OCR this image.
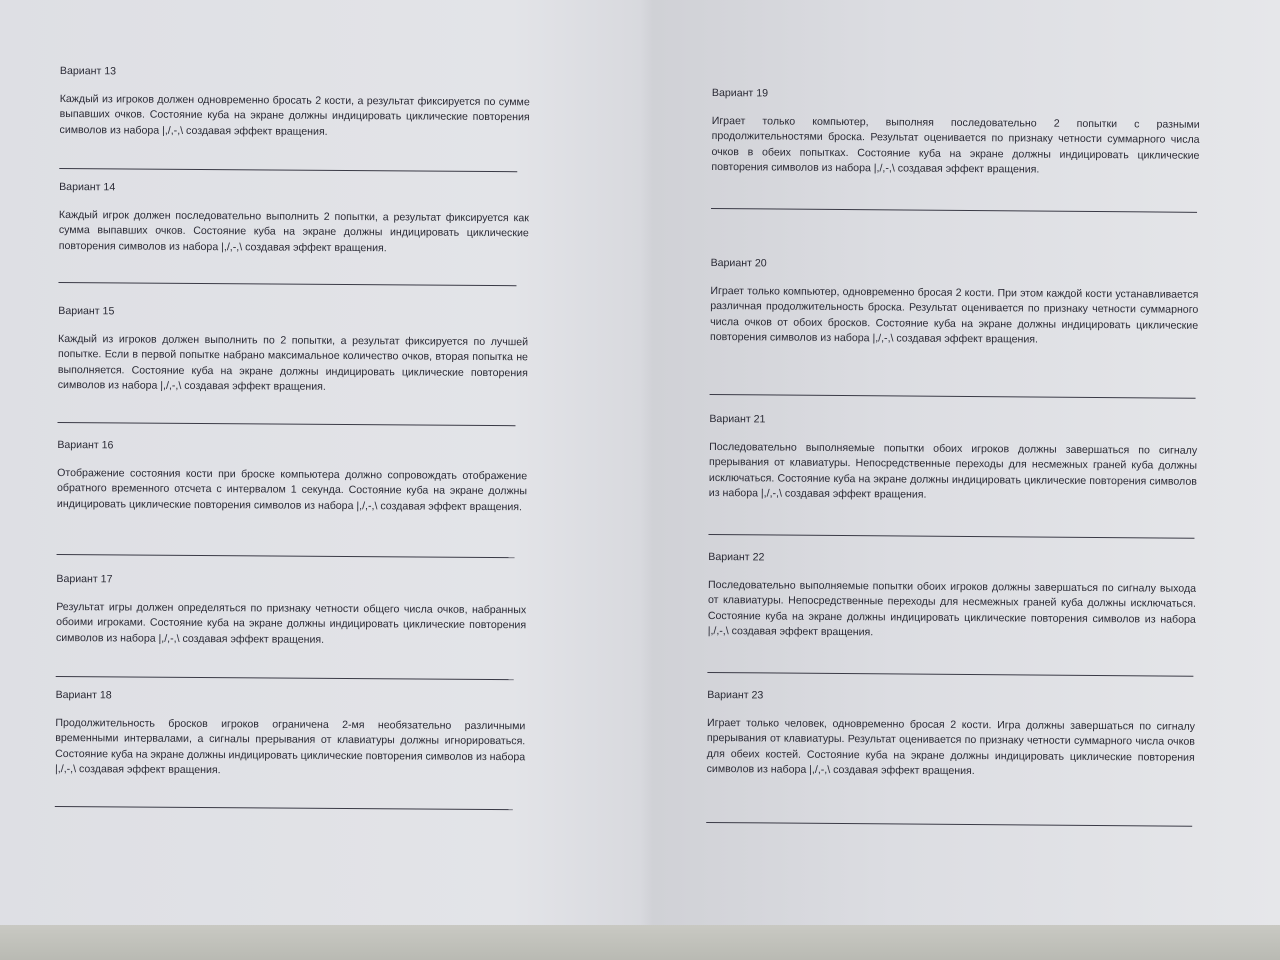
Вариант 13

Каждый из игроков должен одновременно бросать 2 кости, а результат фиксируется по сумме выпавших очков. Состояние куба на экране должны индицировать циклические повторения символов из набора |,/,-,\ создавая эффект вращения.

Вариант 14

Каждый игрок должен последовательно выполнить 2 попытки, а результат фиксируется как сумма выпавших очков. Состояние куба на экране должны индицировать циклические повторения символов из набора |,/,-,\ создавая эффект вращения.

Вариант 15

Каждый из игроков должен выполнить по 2 попытки, а результат фиксируется по лучшей попытке. Если в первой попытке набрано максимальное количество очков, вторая попытка не выполняется. Состояние куба на экране должны индицировать циклические повторения символов из набора |,/,-,\ создавая эффект вращения.

Вариант 16

Отображение состояния кости при броске компьютера должно сопровождать отображение обратного временного отсчета с интервалом 1 секунда. Состояние куба на экране должны индицировать циклические повторения символов из набора |,/,-,\ создавая эффект вращения.

Вариант 17

Результат игры должен определяться по признаку четности общего числа очков, набранных обоими игроками. Состояние куба на экране должны индицировать циклические повторения символов из набора |,/,-,\ создавая эффект вращения.

Вариант 18

Продолжительность бросков игроков ограничена 2-мя необязательно различными временными интервалами, а сигналы прерывания от клавиатуры должны игнорироваться. Состояние куба на экране должны индицировать циклические повторения символов из набора |,/,-,\ создавая эффект вращения.

Вариант 19

Играет только компьютер, выполняя последовательно 2 попытки с разными продолжительностями броска. Результат оценивается по признаку четности суммарного числа очков в обеих попытках. Состояние куба на экране должны индицировать циклические повторения символов из набора |,/,-,\ создавая эффект вращения.

Вариант 20

Играет только компьютер, одновременно бросая 2 кости. При этом каждой кости устанавливается различная продолжительность броска. Результат оценивается по признаку четности суммарного числа очков от обоих бросков. Состояние куба на экране должны индицировать циклические повторения символов из набора |,/,-,\ создавая эффект вращения.

Вариант 21

Последовательно выполняемые попытки обоих игроков должны завершаться по сигналу прерывания от клавиатуры. Непосредственные переходы для несмежных граней куба должны исключаться. Состояние куба на экране должны индицировать циклические повторения символов из набора |,/,-,\ создавая эффект вращения.

Вариант 22

Последовательно выполняемые попытки обоих игроков должны завершаться по сигналу выхода от клавиатуры. Непосредственные переходы для несмежных граней куба должны исключаться. Состояние куба на экране должны индицировать циклические повторения символов из набора |,/,-,\ создавая эффект вращения.

Вариант 23

Играет только человек, одновременно бросая 2 кости. Игра должны завершаться по сигналу прерывания от клавиатуры. Результат оценивается по признаку четности суммарного числа очков для обеих костей. Состояние куба на экране должны индицировать циклические повторения символов из набора |,/,-,\ создавая эффект вращения.
